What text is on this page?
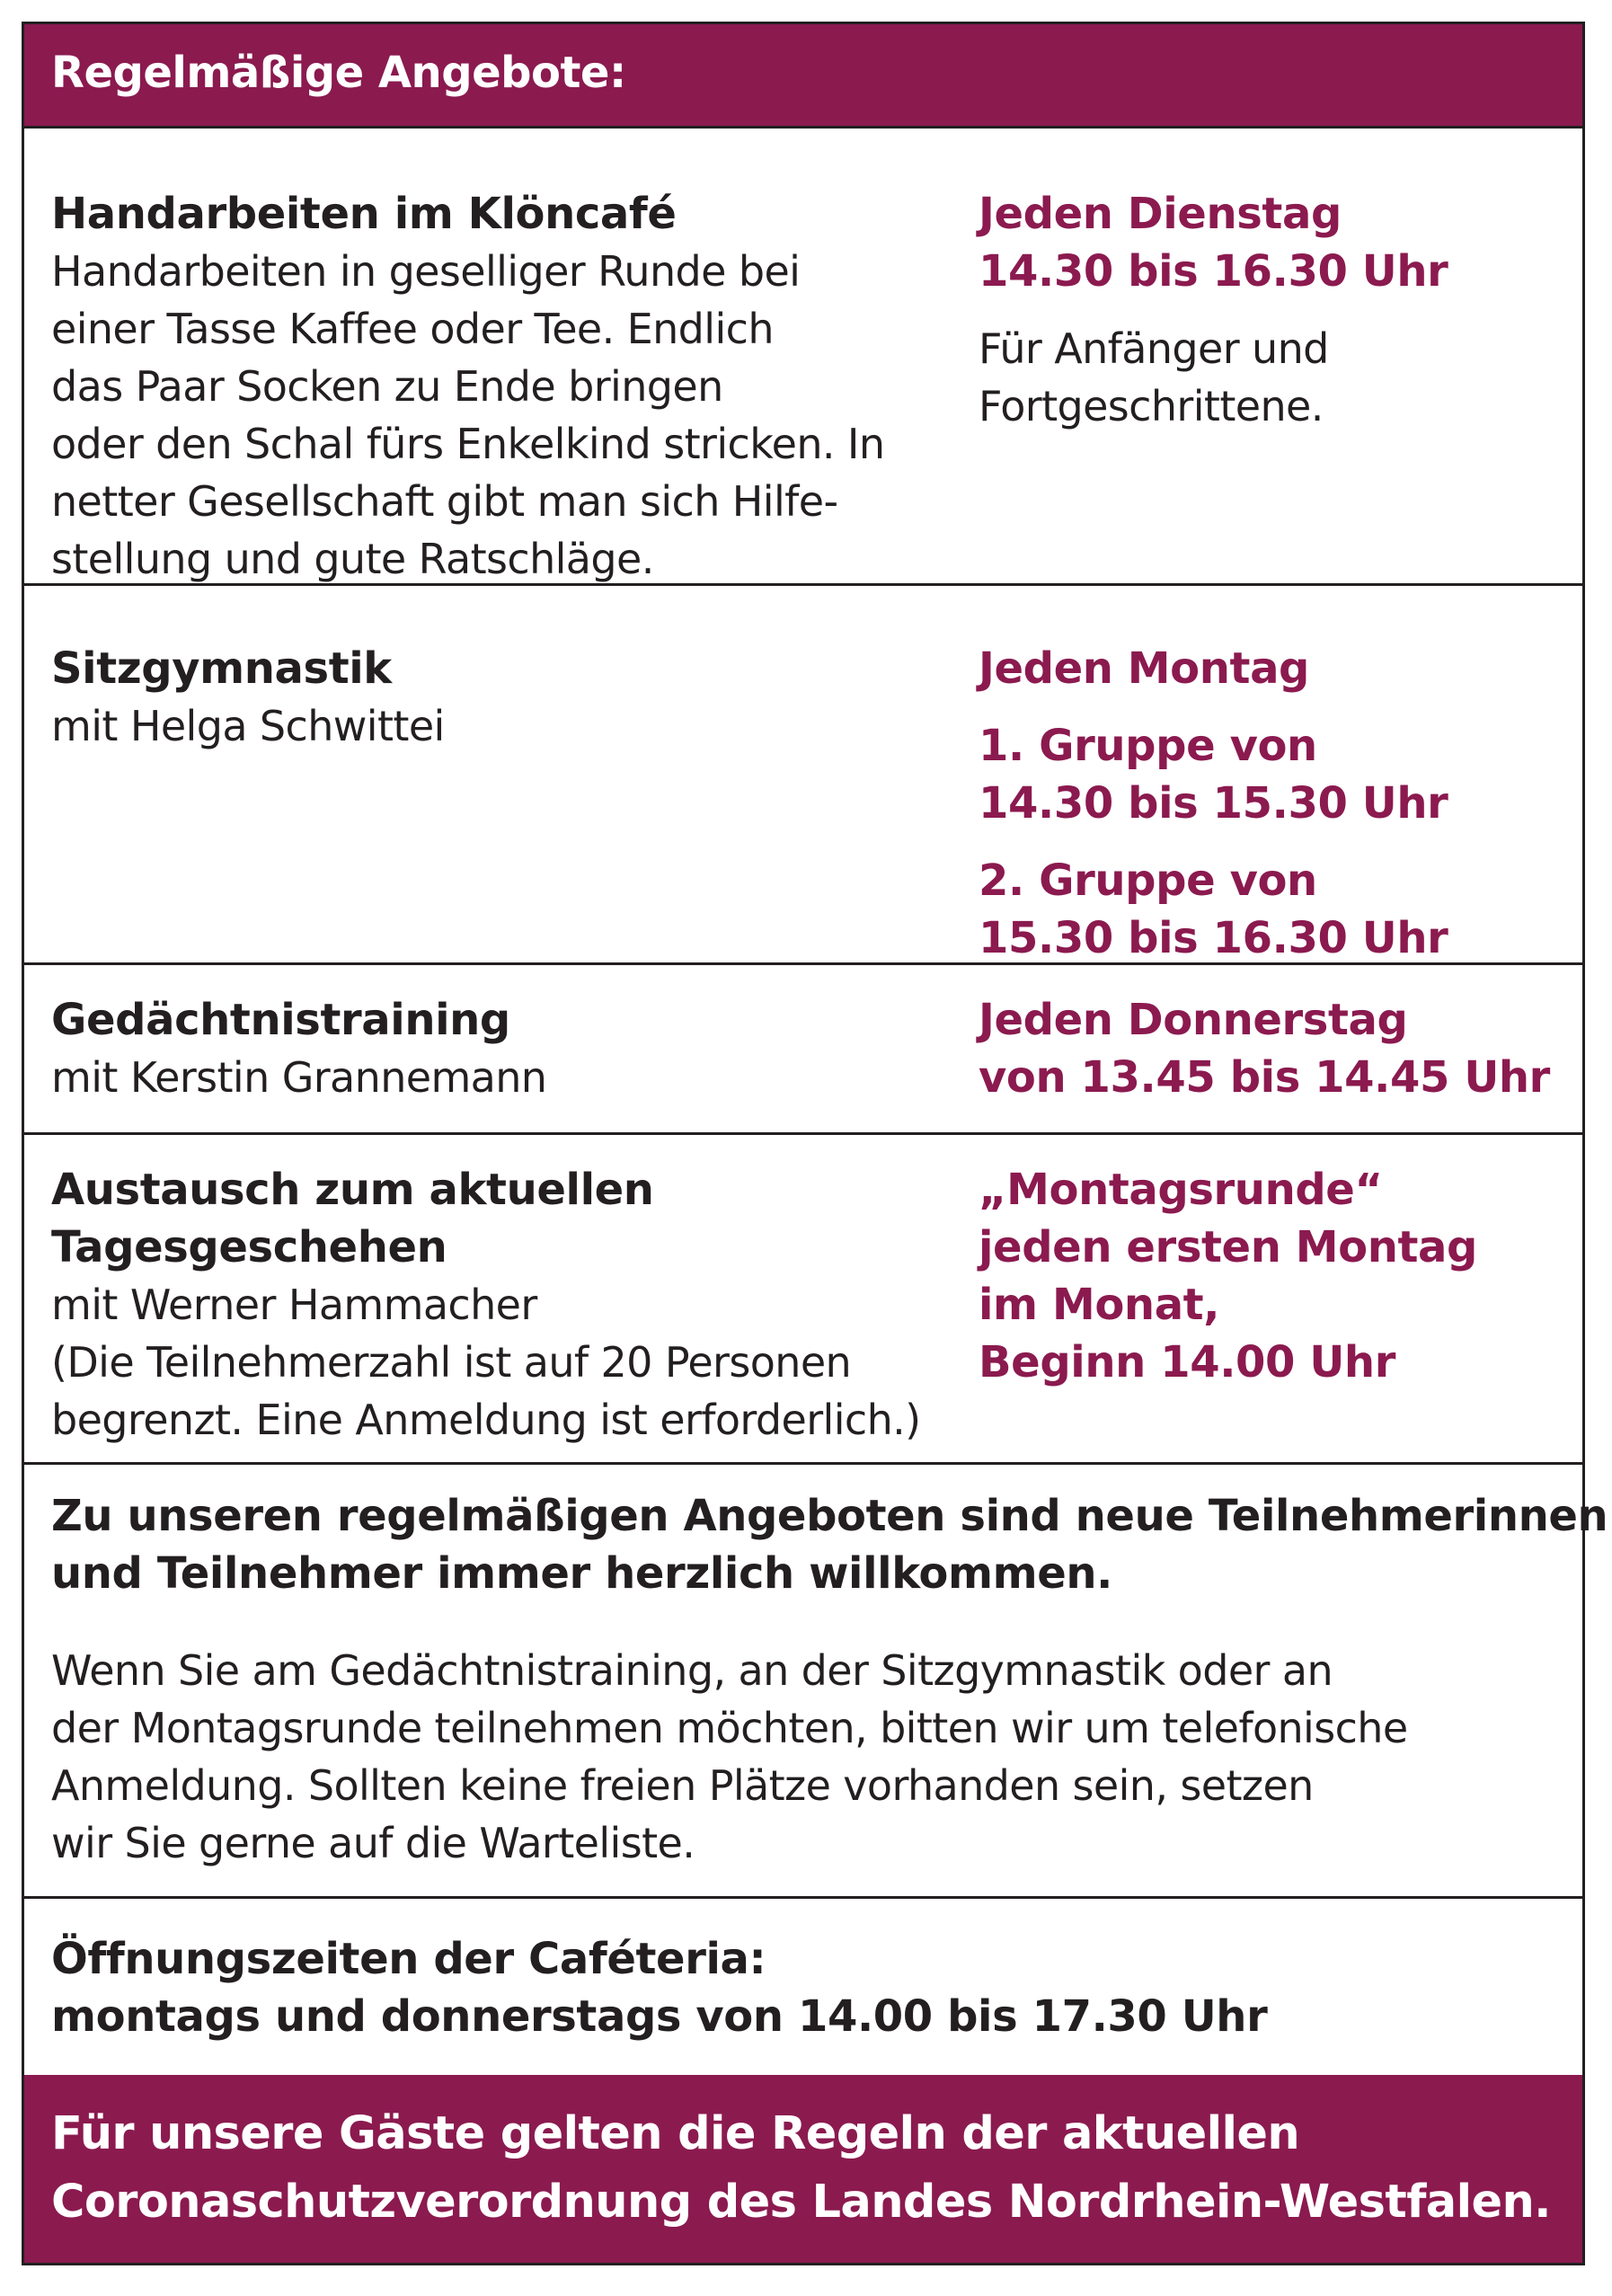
Regelmäßige Angebote:
Handarbeiten im Klöncafé
Handarbeiten in geselliger Runde bei
einer Tasse Kaffee oder Tee. Endlich
das Paar Socken zu Ende bringen
oder den Schal fürs Enkelkind stricken. In
netter Gesellschaft gibt man sich Hilfe-
stellung und gute Ratschläge.
Jeden Dienstag
14.30 bis 16.30 Uhr
Für Anfänger und
Fortgeschrittene.
Sitzgymnastik
mit Helga Schwittei
Jeden Montag
1. Gruppe von
14.30 bis 15.30 Uhr
2. Gruppe von
15.30 bis 16.30 Uhr
Gedächtnistraining
mit Kerstin Grannemann
Jeden Donnerstag
von 13.45 bis 14.45 Uhr
Austausch zum aktuellen
Tagesgeschehen
mit Werner Hammacher
(Die Teilnehmerzahl ist auf 20 Personen
begrenzt. Eine Anmeldung ist erforderlich.)
„Montagsrunde“
jeden ersten Montag
im Monat,
Beginn 14.00 Uhr
Zu unseren regelmäßigen Angeboten sind neue Teilnehmerinnen
und Teilnehmer immer herzlich willkommen.
Wenn Sie am Gedächtnistraining, an der Sitzgymnastik oder an
der Montagsrunde teilnehmen möchten, bitten wir um telefonische
Anmeldung. Sollten keine freien Plätze vorhanden sein, setzen
wir Sie gerne auf die Warteliste.
Öffnungszeiten der Caféteria:
montags und donnerstags von 14.00 bis 17.30 Uhr
Für unsere Gäste gelten die Regeln der aktuellen
Coronaschutzverordnung des Landes Nordrhein-Westfalen.
